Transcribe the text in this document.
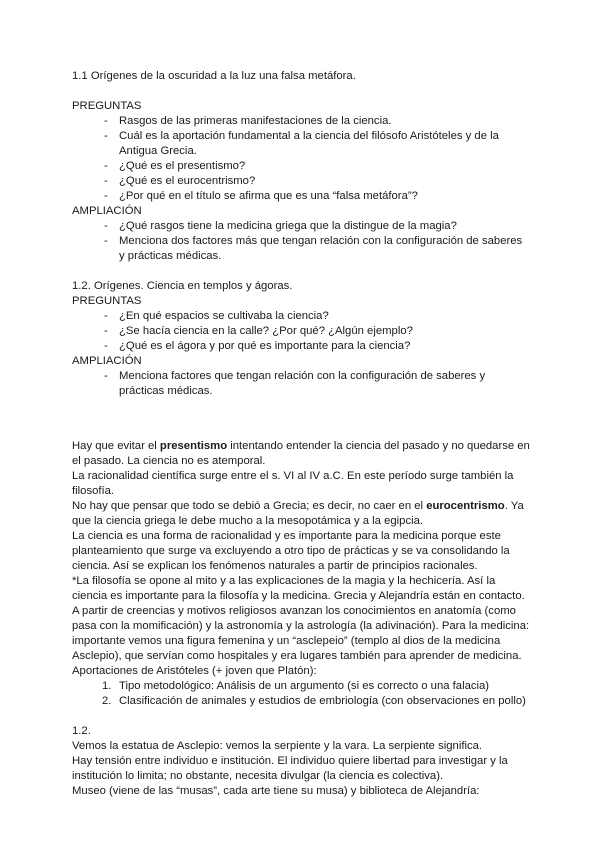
1.1 Orígenes de la oscuridad a la luz una falsa metáfora.

PREGUNTAS

- Rasgos de las primeras manifestaciones de la ciencia.
- Cuál es la aportación fundamental a la ciencia del filósofo Aristóteles y de la Antigua Grecia.
- ¿Qué es el presentismo?
- ¿Qué es el eurocentrismo?
- ¿Por qué en el título se afirma que es una “falsa metáfora”?

AMPLIACIÓN

- ¿Qué rasgos tiene la medicina griega que la distingue de la magia?
- Menciona dos factores más que tengan relación con la configuración de saberes y prácticas médicas.

1.2. Orígenes. Ciencia en templos y ágoras.

PREGUNTAS

- ¿En qué espacios se cultivaba la ciencia?
- ¿Se hacía ciencia en la calle? ¿Por qué? ¿Algún ejemplo?
- ¿Qué es el ágora y por qué es importante para la ciencia?

AMPLIACIÓN

- Menciona factores que tengan relación con la configuración de saberes y prácticas médicas.

Hay que evitar el presentismo intentando entender la ciencia del pasado y no quedarse en el pasado. La ciencia no es atemporal.

La racionalidad científica surge entre el s. VI al IV a.C. En este período surge también la filosofía.

No hay que pensar que todo se debió a Grecia; es decir, no caer en el eurocentrismo. Ya que la ciencia griega le debe mucho a la mesopotámica y a la egipcia.

La ciencia es una forma de racionalidad y es importante para la medicina porque este planteamiento que surge va excluyendo a otro tipo de prácticas y se va consolidando la ciencia. Así se explican los fenómenos naturales a partir de principios racionales.

*La filosofía se opone al mito y a las explicaciones de la magia y la hechicería. Así la ciencia es importante para la filosofía y la medicina. Grecia y Alejandría están en contacto.

A partir de creencias y motivos religiosos avanzan los conocimientos en anatomía (como pasa con la momificación) y la astronomía y la astrología (la adivinación). Para la medicina: importante vemos una figura femenina y un “asclepeio” (templo al dios de la medicina Asclepio), que servían como hospitales y era lugares también para aprender de medicina.

Aportaciones de Aristóteles (+ joven que Platón):

1. Tipo metodológico: Análisis de un argumento (si es correcto o una falacia)
2. Clasificación de animales y estudios de embriología (con observaciones en pollo)

1.2.

Vemos la estatua de Asclepio: vemos la serpiente y la vara. La serpiente significa.

Hay tensión entre individuo e institución. El individuo quiere libertad para investigar y la institución lo limita; no obstante, necesita divulgar (la ciencia es colectiva).

Museo (viene de las “musas”, cada arte tiene su musa) y biblioteca de Alejandría:
